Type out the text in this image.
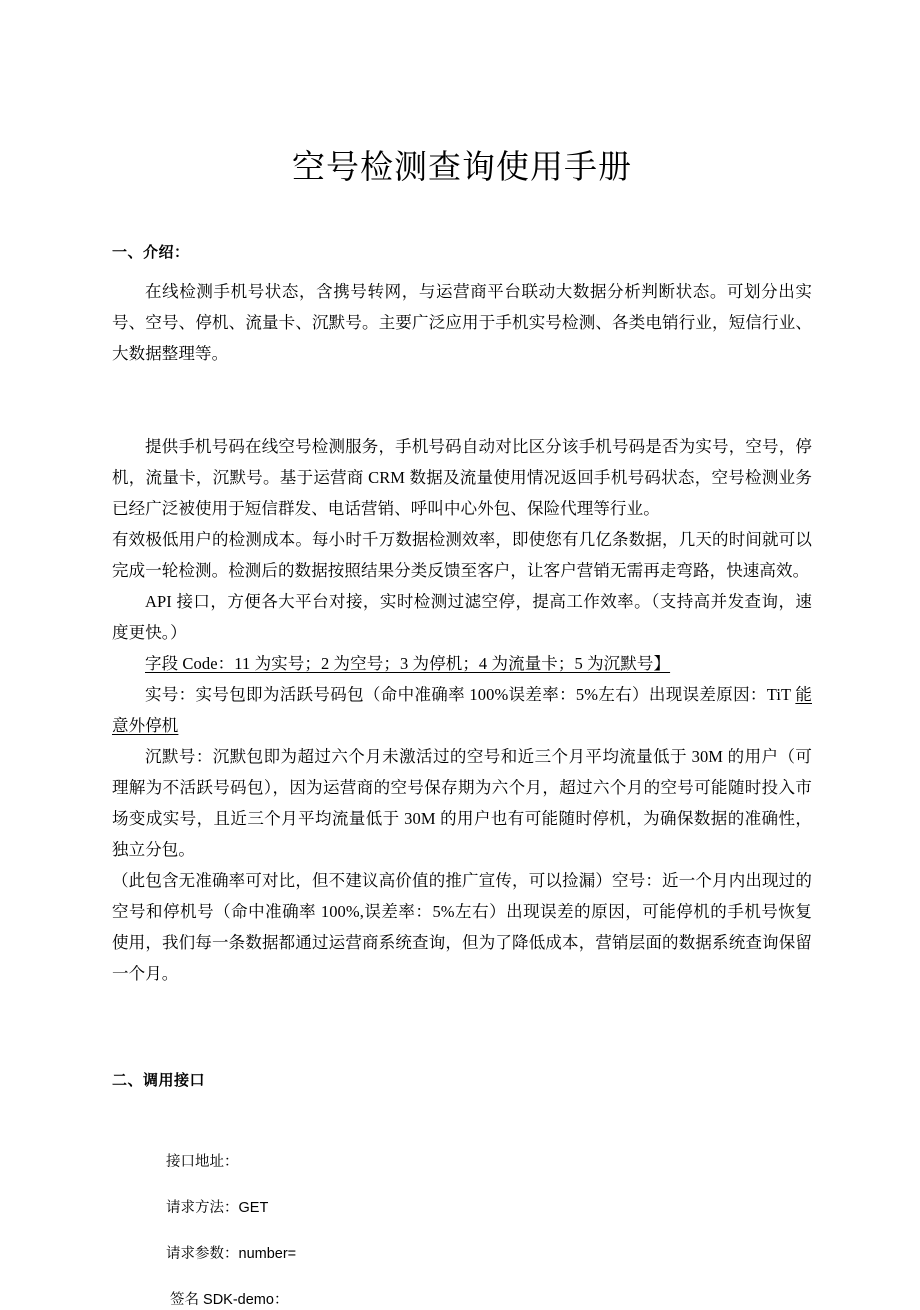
空号检测查询使用手册
一、介绍：

在线检测手机号状态，含携号转网，与运营商平台联动大数据分析判断状态。可划分出实号、空号、停机、流量卡、沉默号。主要广泛应用于手机实号检测、各类电销行业，短信行业、大数据整理等。

提供手机号码在线空号检测服务，手机号码自动对比区分该手机号码是否为实号，空号，停机，流量卡，沉默号。基于运营商 CRM 数据及流量使用情况返回手机号码状态，空号检测业务已经广泛被使用于短信群发、电话营销、呼叫中心外包、保险代理等行业。

有效极低用户的检测成本。每小时千万数据检测效率，即使您有几亿条数据，几天的时间就可以完成一轮检测。检测后的数据按照结果分类反馈至客户，让客户营销无需再走弯路，快速高效。

API 接口，方便各大平台对接，实时检测过滤空停，提高工作效率。（支持高并发查询，速度更快。）

字段 Code：11 为实号；2 为空号；3 为停机；4 为流量卡；5 为沉默号】

实号：实号包即为活跃号码包（命中准确率 100%误差率：5%左右）出现误差原因：TiT 能意外停机

沉默号：沉默包即为超过六个月未激活过的空号和近三个月平均流量低于 30M 的用户（可理解为不活跃号码包），因为运营商的空号保存期为六个月，超过六个月的空号可能随时投入市场变成实号，且近三个月平均流量低于 30M 的用户也有可能随时停机，为确保数据的准确性，独立分包。

（此包含无准确率可对比，但不建议高价值的推广宣传，可以捡漏）空号：近一个月内出现过的空号和停机号（命中准确率 100%,误差率：5%左右）出现误差的原因，可能停机的手机号恢复使用，我们每一条数据都通过运营商系统查询，但为了降低成本，营销层面的数据系统查询保留一个月。

二、调用接口
接口地址：
请求方法：GET
请求参数：number=
签名 SDK-demo：
